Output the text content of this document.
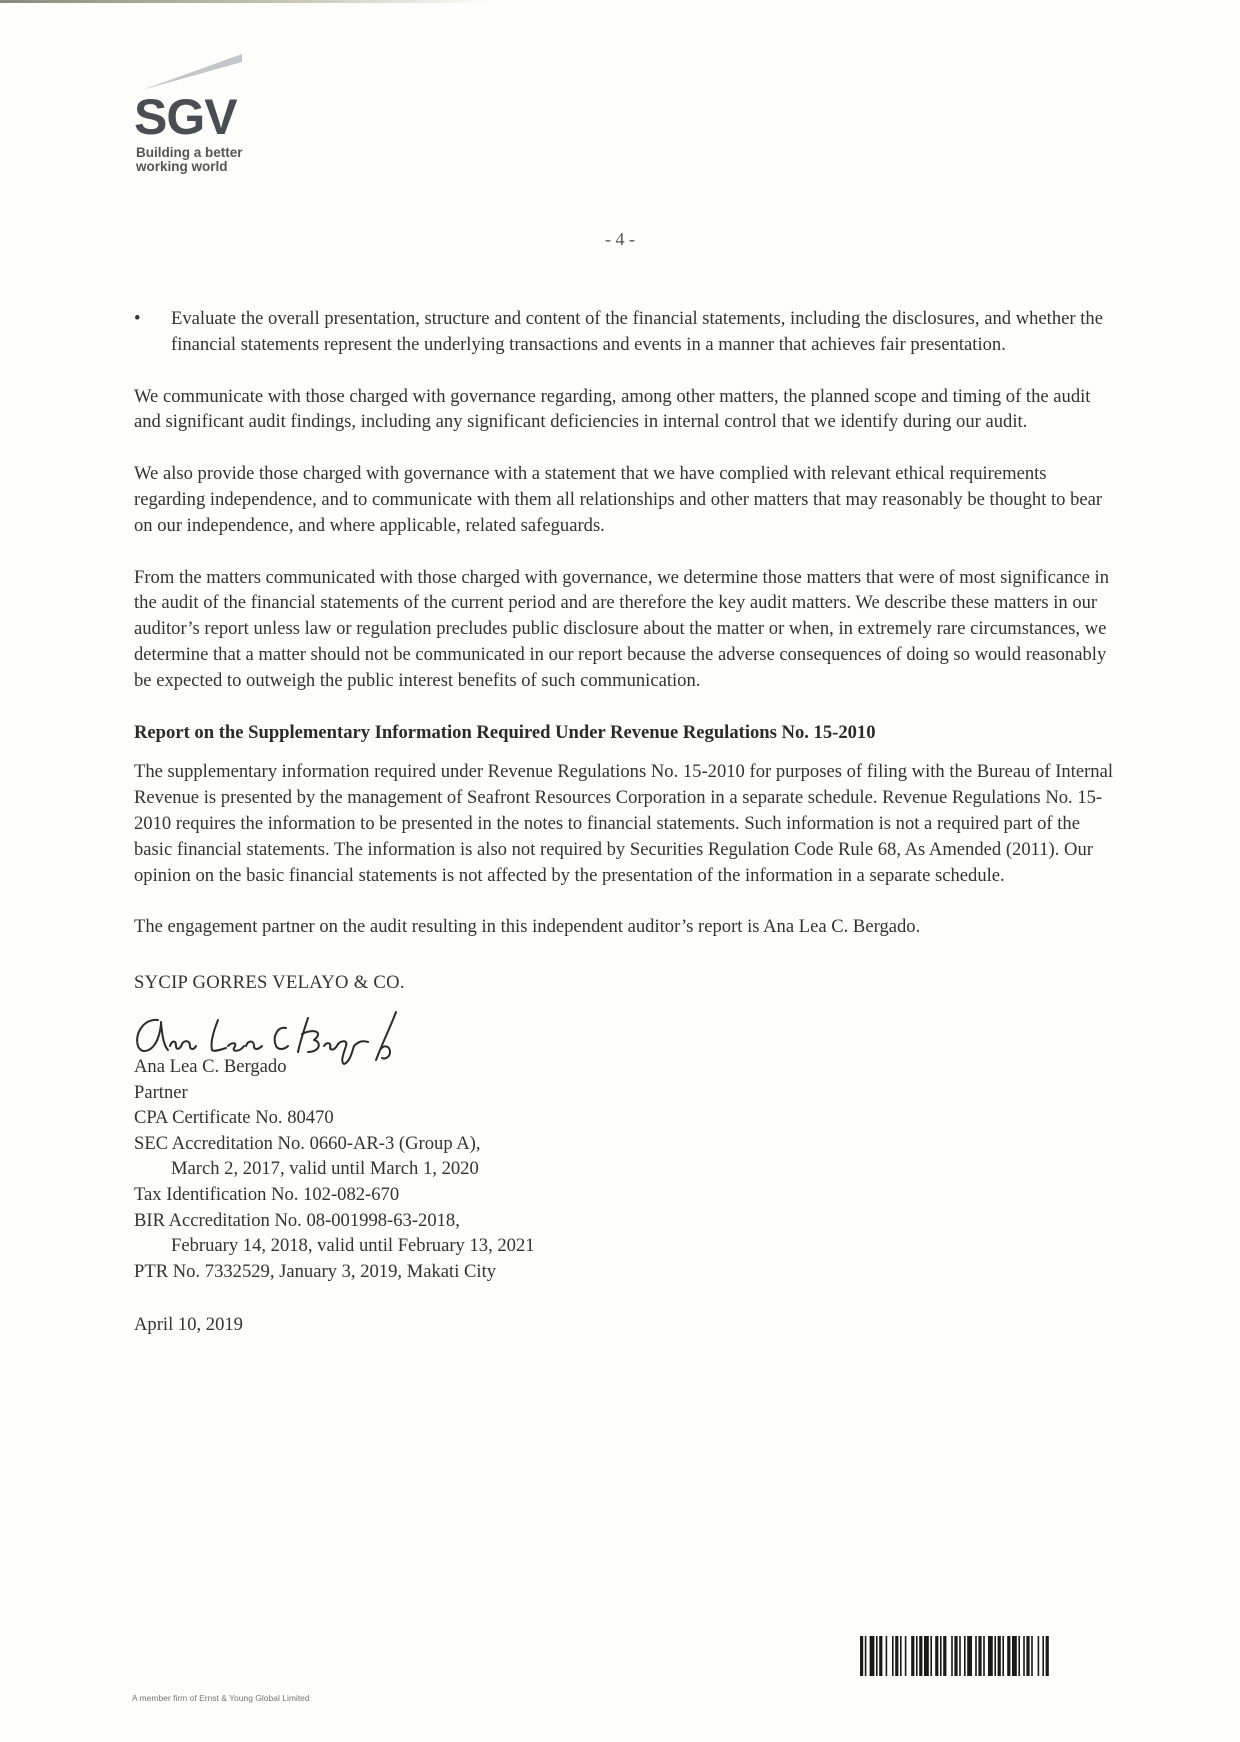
SGV
Building a better working world
- 4 -
• Evaluate the overall presentation, structure and content of the financial statements, including the disclosures, and whether the financial statements represent the underlying transactions and events in a manner that achieves fair presentation.

We communicate with those charged with governance regarding, among other matters, the planned scope and timing of the audit and significant audit findings, including any significant deficiencies in internal control that we identify during our audit.

We also provide those charged with governance with a statement that we have complied with relevant ethical requirements regarding independence, and to communicate with them all relationships and other matters that may reasonably be thought to bear on our independence, and where applicable, related safeguards.

From the matters communicated with those charged with governance, we determine those matters that were of most significance in the audit of the financial statements of the current period and are therefore the key audit matters. We describe these matters in our auditor’s report unless law or regulation precludes public disclosure about the matter or when, in extremely rare circumstances, we determine that a matter should not be communicated in our report because the adverse consequences of doing so would reasonably be expected to outweigh the public interest benefits of such communication.

Report on the Supplementary Information Required Under Revenue Regulations No. 15-2010

The supplementary information required under Revenue Regulations No. 15-2010 for purposes of filing with the Bureau of Internal Revenue is presented by the management of Seafront Resources Corporation in a separate schedule. Revenue Regulations No. 15-2010 requires the information to be presented in the notes to financial statements. Such information is not a required part of the basic financial statements. The information is also not required by Securities Regulation Code Rule 68, As Amended (2011). Our opinion on the basic financial statements is not affected by the presentation of the information in a separate schedule.

The engagement partner on the audit resulting in this independent auditor’s report is Ana Lea C. Bergado.

SYCIP GORRES VELAYO & CO.

Ana Lea C. Bergado
Partner
CPA Certificate No. 80470
SEC Accreditation No. 0660-AR-3 (Group A),
March 2, 2017, valid until March 1, 2020
Tax Identification No. 102-082-670
BIR Accreditation No. 08-001998-63-2018,
February 14, 2018, valid until February 13, 2021
PTR No. 7332529, January 3, 2019, Makati City

April 10, 2019

A member firm of Ernst & Young Global Limited
